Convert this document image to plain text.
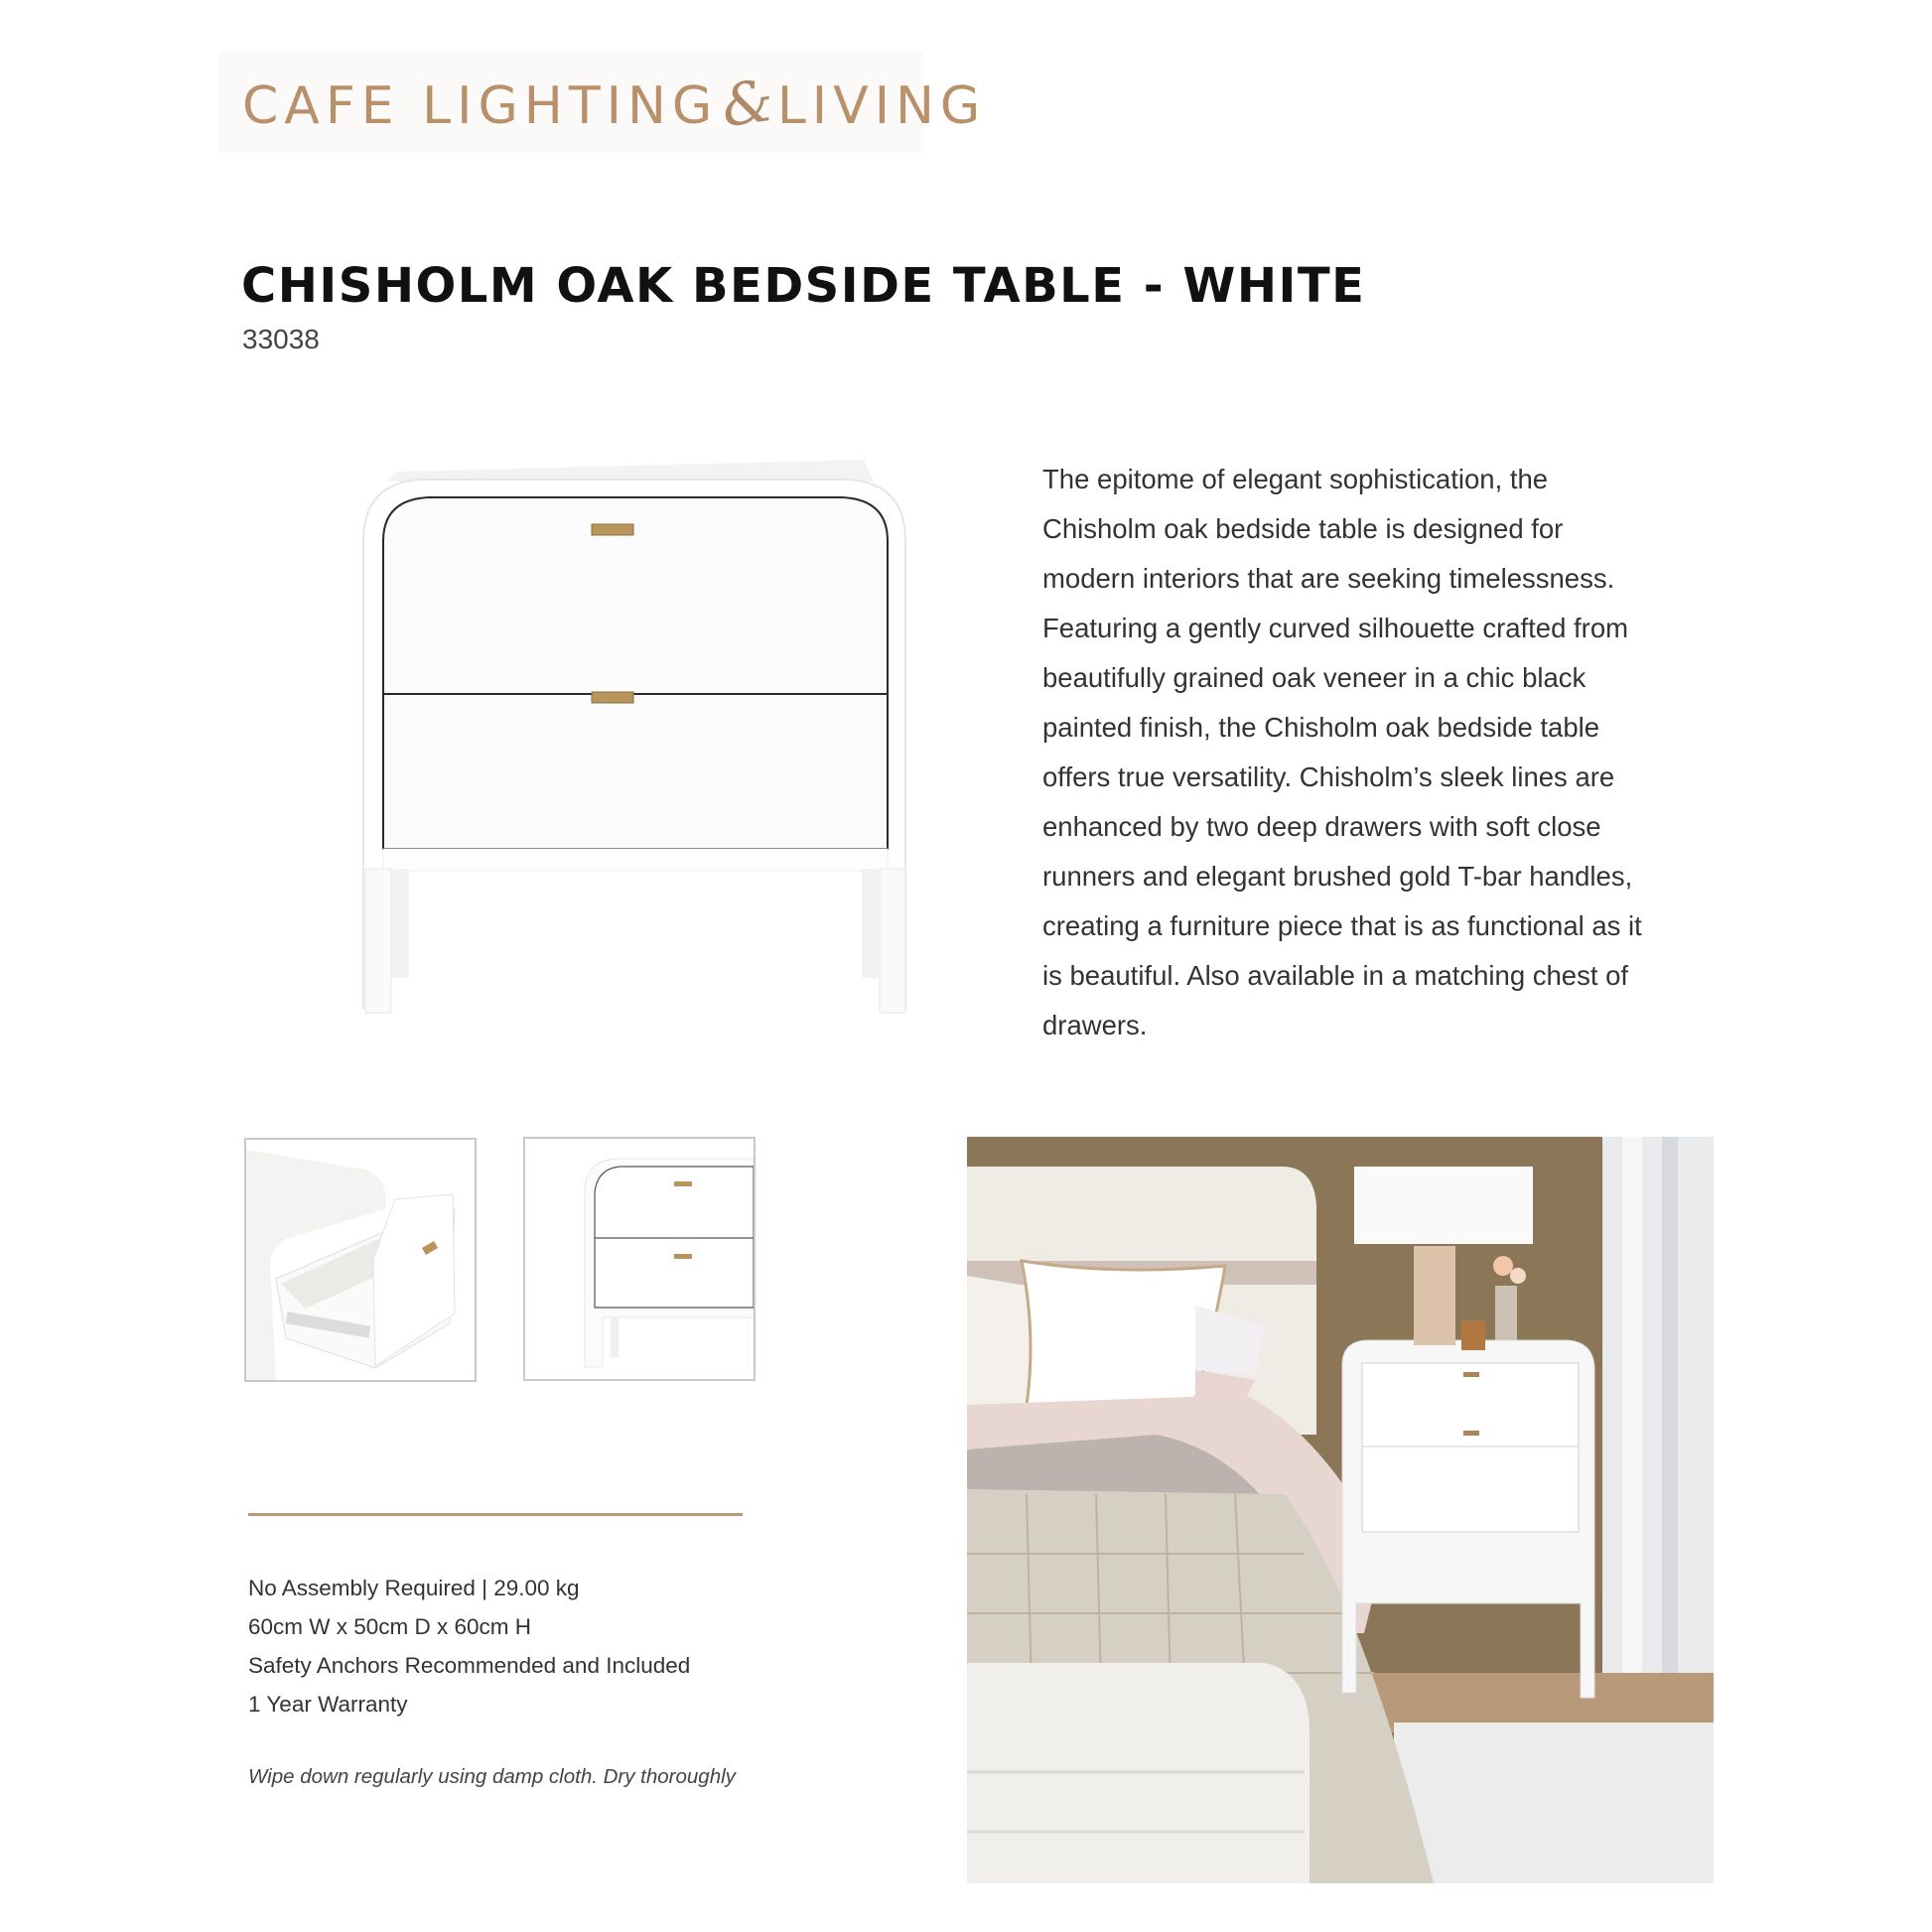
CAFE LIGHTING&LIVING
CHISHOLM OAK BEDSIDE TABLE - WHITE
33038
The epitome of elegant sophistication, the
Chisholm oak bedside table is designed for
modern interiors that are seeking timelessness.
Featuring a gently curved silhouette crafted from
beautifully grained oak veneer in a chic black
painted finish, the Chisholm oak bedside table
offers true versatility. Chisholm’s sleek lines are
enhanced by two deep drawers with soft close
runners and elegant brushed gold T-bar handles,
creating a furniture piece that is as functional as it
is beautiful. Also available in a matching chest of
drawers.
No Assembly Required | 29.00 kg
60cm W x 50cm D x 60cm H
Safety Anchors Recommended and Included
1 Year Warranty
Wipe down regularly using damp cloth. Dry thoroughly
